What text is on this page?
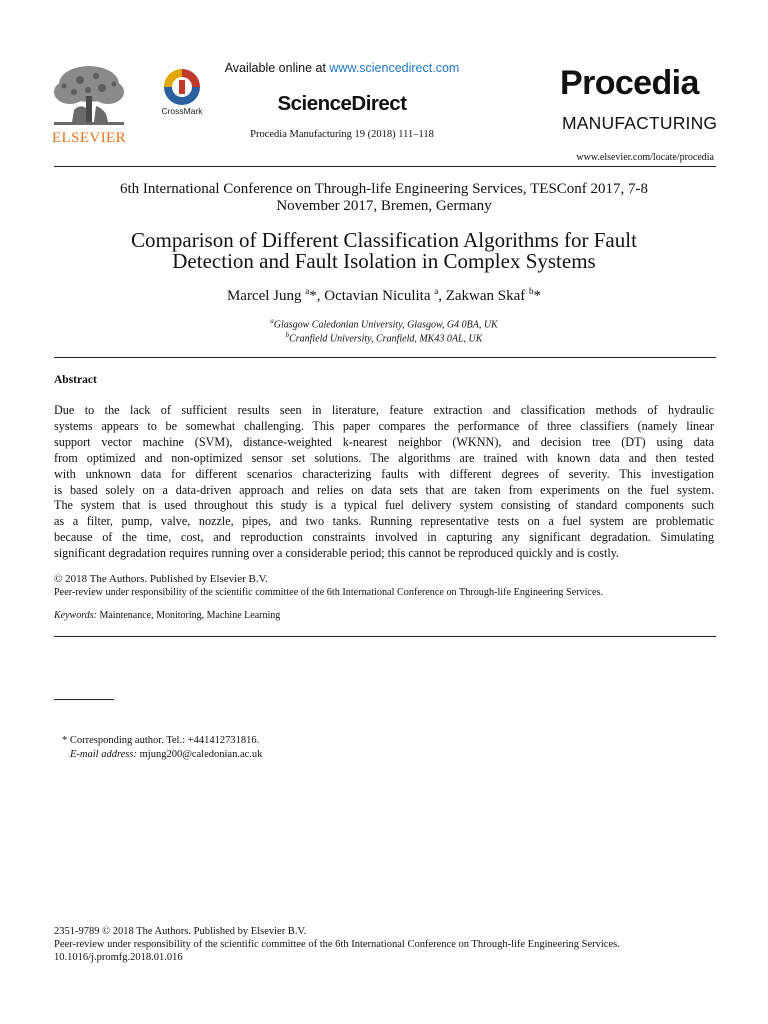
ELSEVIER
CrossMark
Available online at www.sciencedirect.com
ScienceDirect
Procedia Manufacturing 19 (2018) 111–118
Procedia
MANUFACTURING
www.elsevier.com/locate/procedia
6th International Conference on Through-life Engineering Services, TESConf 2017, 7-8
November 2017, Bremen, Germany
Comparison of Different Classification Algorithms for Fault
Detection and Fault Isolation in Complex Systems
Marcel Jung $^a$*, Octavian Niculita $^a$, Zakwan Skaf $^b$*
$^a$Glasgow Caledonian University, Glasgow, G4 0BA, UK
$^b$Cranfield University, Cranfield, MK43 0AL, UK
Abstract
Due to the lack of sufficient results seen in literature, feature extraction and classification methods of hydraulic
systems appears to be somewhat challenging. This paper compares the performance of three classifiers (namely linear
support vector machine (SVM), distance-weighted k-nearest neighbor (WKNN), and decision tree (DT) using data
from optimized and non-optimized sensor set solutions. The algorithms are trained with known data and then tested
with unknown data for different scenarios characterizing faults with different degrees of severity. This investigation
is based solely on a data-driven approach and relies on data sets that are taken from experiments on the fuel system.
The system that is used throughout this study is a typical fuel delivery system consisting of standard components such
as a filter, pump, valve, nozzle, pipes, and two tanks. Running representative tests on a fuel system are problematic
because of the time, cost, and reproduction constraints involved in capturing any significant degradation. Simulating
significant degradation requires running over a considerable period; this cannot be reproduced quickly and is costly.
© 2018 The Authors. Published by Elsevier B.V.
Peer-review under responsibility of the scientific committee of the 6th International Conference on Through-life Engineering Services.
Keywords: Maintenance, Monitoring, Machine Learning
* Corresponding author. Tel.: +441412731816.
E-mail address: mjung200@caledonian.ac.uk
2351-9789 © 2018 The Authors. Published by Elsevier B.V.
Peer-review under responsibility of the scientific committee of the 6th International Conference on Through-life Engineering Services.
10.1016/j.promfg.2018.01.016
